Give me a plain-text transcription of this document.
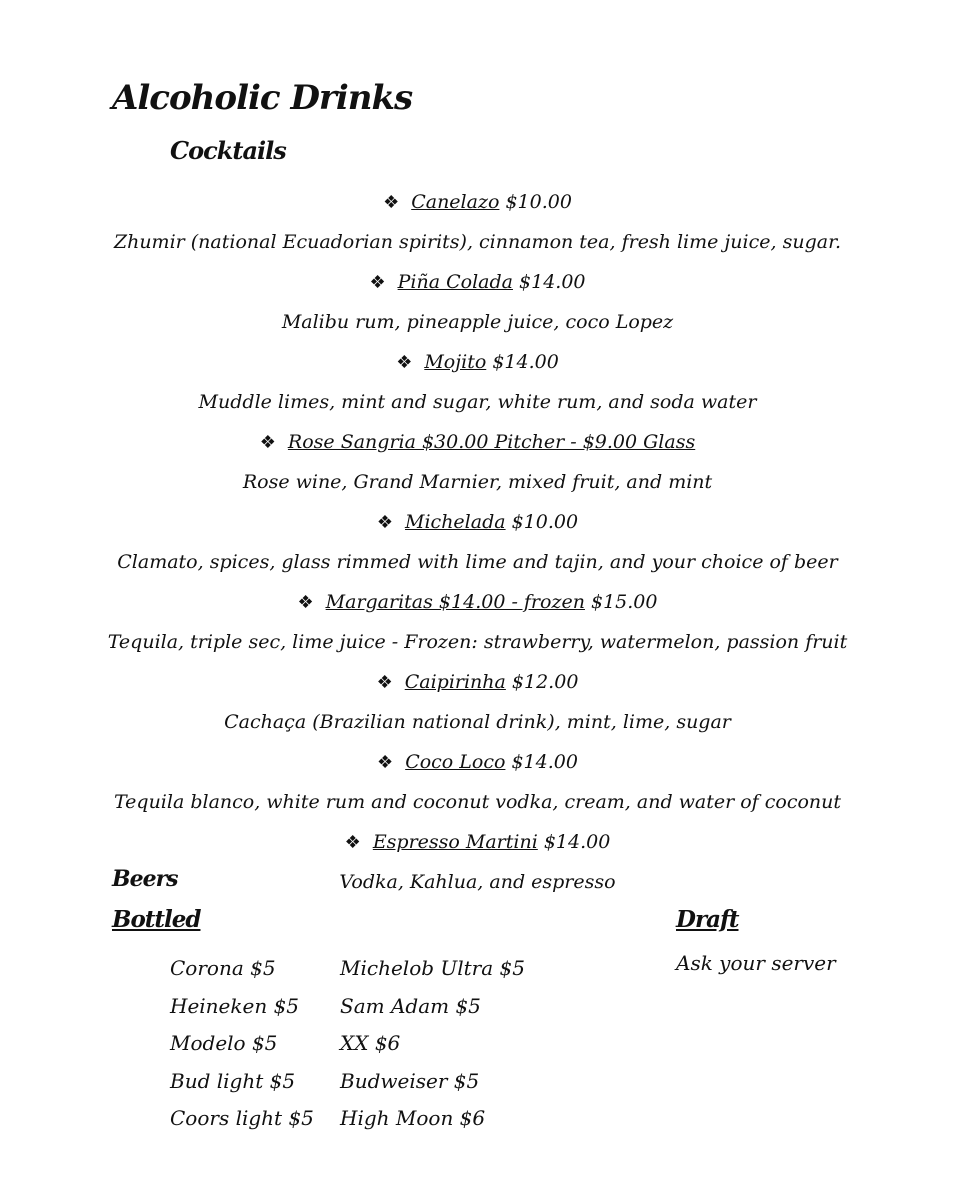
Alcoholic Drinks
Cocktails
❖ Canelazo $10.00
Zhumir (national Ecuadorian spirits), cinnamon tea, fresh lime juice, sugar.
❖ Piña Colada $14.00
Malibu rum, pineapple juice, coco Lopez
❖ Mojito $14.00
Muddle limes, mint and sugar, white rum, and soda water
❖ Rose Sangria $30.00 Pitcher - $9.00 Glass
Rose wine, Grand Marnier, mixed fruit, and mint
❖ Michelada $10.00
Clamato, spices, glass rimmed with lime and tajin, and your choice of beer
❖ Margaritas $14.00 - frozen $15.00
Tequila, triple sec, lime juice - Frozen: strawberry, watermelon, passion fruit
❖ Caipirinha $12.00
Cachaça (Brazilian national drink), mint, lime, sugar
❖ Coco Loco $14.00
Tequila blanco, white rum and coconut vodka, cream, and water of coconut
❖ Espresso Martini $14.00
Vodka, Kahlua, and espresso
Beers
Bottled	Draft
Ask your server
Corona $5
Heineken $5
Modelo $5
Bud light $5
Coors light $5
Michelob Ultra $5
Sam Adam $5
XX $6
Budweiser $5
High Moon $6
